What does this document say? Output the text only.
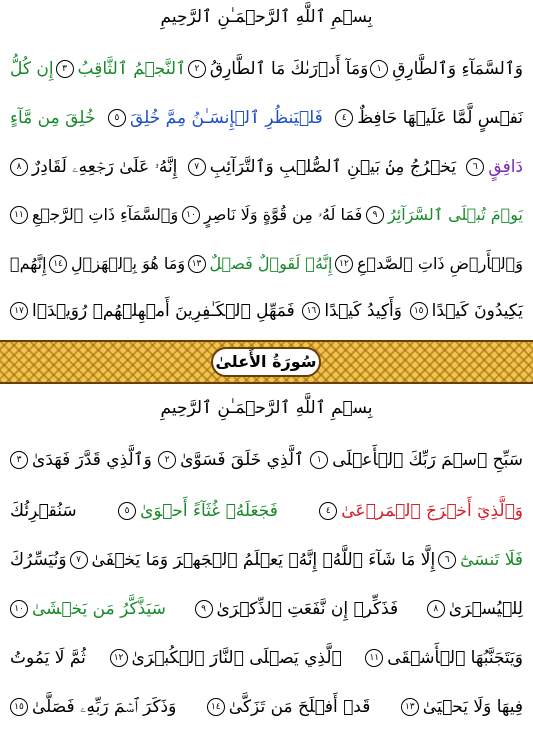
بِسۡمِ ٱللَّهِ ٱلرَّحۡمَـٰنِ ٱلرَّحِيمِ
وَٱلسَّمَآءِ وَٱلطَّارِقِ
١
وَمَآ أَدۡرَىٰكَ مَا ٱلطَّارِقُ
٢
ٱلنَّجۡمُ ٱلثَّاقِبُ
٣
إِن كُلُّ
نَفۡسٍ لَّمَّا عَلَيۡهَا حَافِظٌ
٤
فَلۡيَنظُرِ ٱلۡإِنسَـٰنُ مِمَّ خُلِقَ
٥
خُلِقَ مِن مَّآءٍ
دَافِقٍ
٦
يَخۡرُجُ مِنۢ بَيۡنِ ٱلصُّلۡبِ وَٱلتَّرَآئِبِ
٧
إِنَّهُۥ عَلَىٰ رَجۡعِهِۦ لَقَادِرٌ
٨
يَوۡمَ تُبۡلَى ٱلسَّرَآئِرُ
٩
فَمَا لَهُۥ مِن قُوَّةٍ وَلَا نَاصِرٍ
١٠
وَٱلسَّمَآءِ ذَاتِ ٱلرَّجۡعِ
١١
وَٱلۡأَرۡضِ ذَاتِ ٱلصَّدۡعِ
١٢
إِنَّهُۥ لَقَوۡلٌ فَصۡلٌ
١٣
وَمَا هُوَ بِٱلۡهَزۡلِ
١٤
إِنَّهُمۡ
يَكِيدُونَ كَيۡدًا
١٥
وَأَكِيدُ كَيۡدًا
١٦
فَمَهِّلِ ٱلۡكَـٰفِرِينَ أَمۡهِلۡهُمۡ رُوَيۡدَۢا
١٧
سُورَةُ الأَعلىٰ
بِسۡمِ ٱللَّهِ ٱلرَّحۡمَـٰنِ ٱلرَّحِيمِ
سَبِّحِ ٱسۡمَ رَبِّكَ ٱلۡأَعۡلَى
١
ٱلَّذِي خَلَقَ فَسَوَّىٰ
٢
وَٱلَّذِي قَدَّرَ فَهَدَىٰ
٣
وَٱلَّذِيٓ أَخۡرَجَ ٱلۡمَرۡعَىٰ
٤
فَجَعَلَهُۥ غُثَآءً أَحۡوَىٰ
٥
سَنُقۡرِئُكَ
فَلَا تَنسَىٰٓ
٦
إِلَّا مَا شَآءَ ٱللَّهُۚ إِنَّهُۥ يَعۡلَمُ ٱلۡجَهۡرَ وَمَا يَخۡفَىٰ
٧
وَنُيَسِّرُكَ
لِلۡيُسۡرَىٰ
٨
فَذَكِّرۡ إِن نَّفَعَتِ ٱلذِّكۡرَىٰ
٩
سَيَذَّكَّرُ مَن يَخۡشَىٰ
١٠
وَيَتَجَنَّبُهَا ٱلۡأَشۡقَى
١١
ٱلَّذِي يَصۡلَى ٱلنَّارَ ٱلۡكُبۡرَىٰ
١٢
ثُمَّ لَا يَمُوتُ
فِيهَا وَلَا يَحۡيَىٰ
١٣
قَدۡ أَفۡلَحَ مَن تَزَكَّىٰ
١٤
وَذَكَرَ ٱسۡمَ رَبِّهِۦ فَصَلَّىٰ
١٥
